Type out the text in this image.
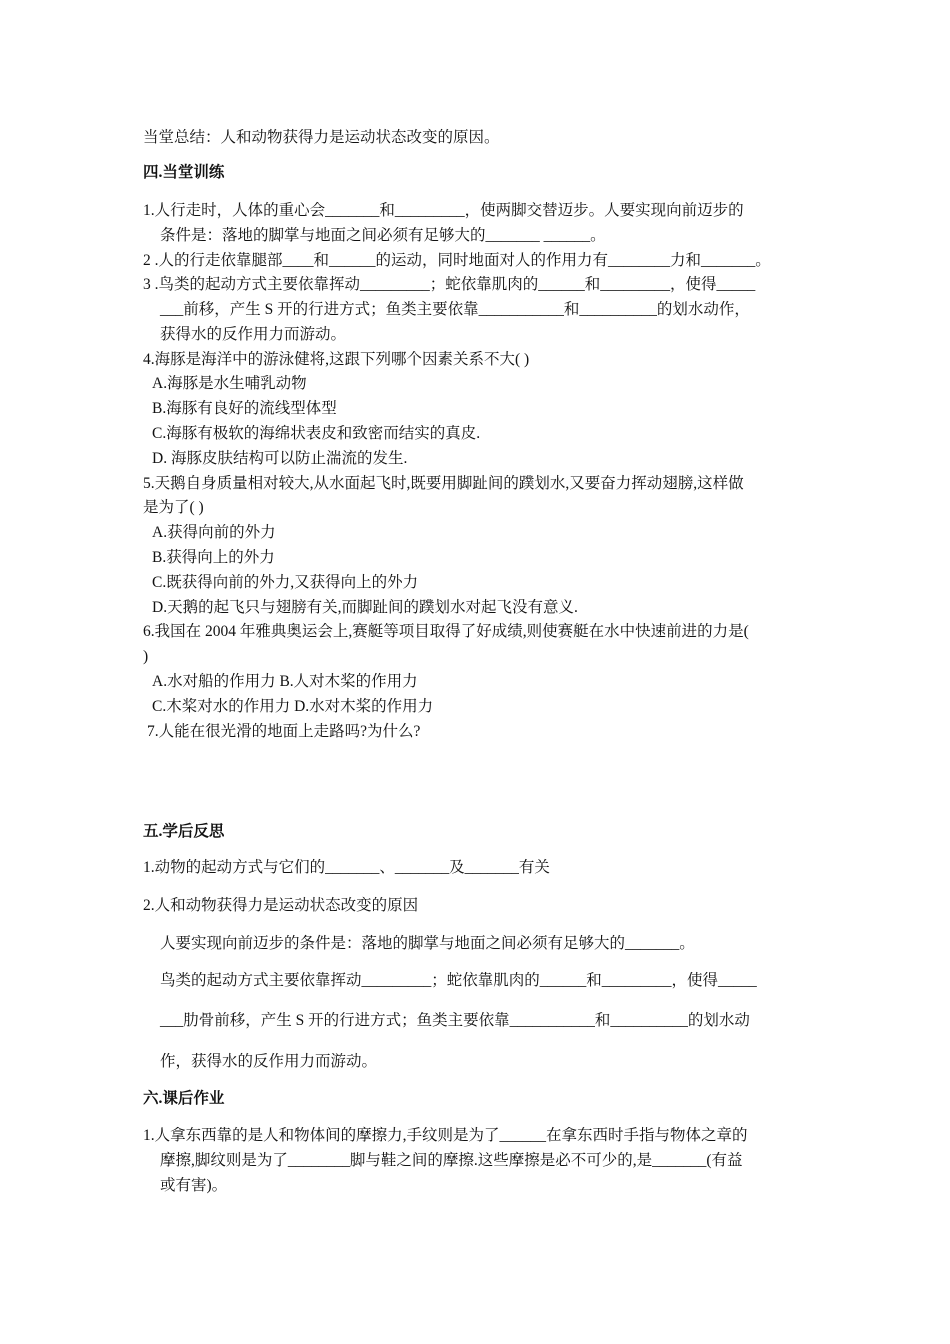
当堂总结：人和动物获得力是运动状态改变的原因。
四.当堂训练
1.人行走时，人体的重心会_______和_________，使两脚交替迈步。人要实现向前迈步的
条件是：落地的脚掌与地面之间必须有足够大的_______ ______。
2 .人的行走依靠腿部____和______的运动，同时地面对人的作用力有________力和_______。
3 .鸟类的起动方式主要依靠挥动_________；蛇依靠肌肉的______和_________，使得_____
___前移，产生 S 开的行进方式；鱼类主要依靠___________和__________的划水动作，
获得水的反作用力而游动。
4.海豚是海洋中的游泳健将,这跟下列哪个因素关系不大( )
A.海豚是水生哺乳动物
B.海豚有良好的流线型体型
C.海豚有极软的海绵状表皮和致密而结实的真皮.
D. 海豚皮肤结构可以防止湍流的发生.
5.天鹅自身质量相对较大,从水面起飞时,既要用脚趾间的蹼划水,又要奋力挥动翅膀,这样做
是为了( )
A.获得向前的外力
B.获得向上的外力
C.既获得向前的外力,又获得向上的外力
D.天鹅的起飞只与翅膀有关,而脚趾间的蹼划水对起飞没有意义.
6.我国在 2004 年雅典奥运会上,赛艇等项目取得了好成绩,则使赛艇在水中快速前进的力是(
)
A.水对船的作用力 B.人对木桨的作用力
C.木桨对水的作用力 D.水对木桨的作用力
7.人能在很光滑的地面上走路吗?为什么?
五.学后反思
1.动物的起动方式与它们的_______、_______及_______有关
2.人和动物获得力是运动状态改变的原因
人要实现向前迈步的条件是：落地的脚掌与地面之间必须有足够大的_______。
鸟类的起动方式主要依靠挥动_________；蛇依靠肌肉的______和_________，使得_____
___肋骨前移，产生 S 开的行进方式；鱼类主要依靠___________和__________的划水动
作，获得水的反作用力而游动。
六.课后作业
1.人拿东西靠的是人和物体间的摩擦力,手纹则是为了______在拿东西时手指与物体之章的
摩擦,脚纹则是为了________脚与鞋之间的摩擦.这些摩擦是必不可少的,是_______(有益
或有害)。
